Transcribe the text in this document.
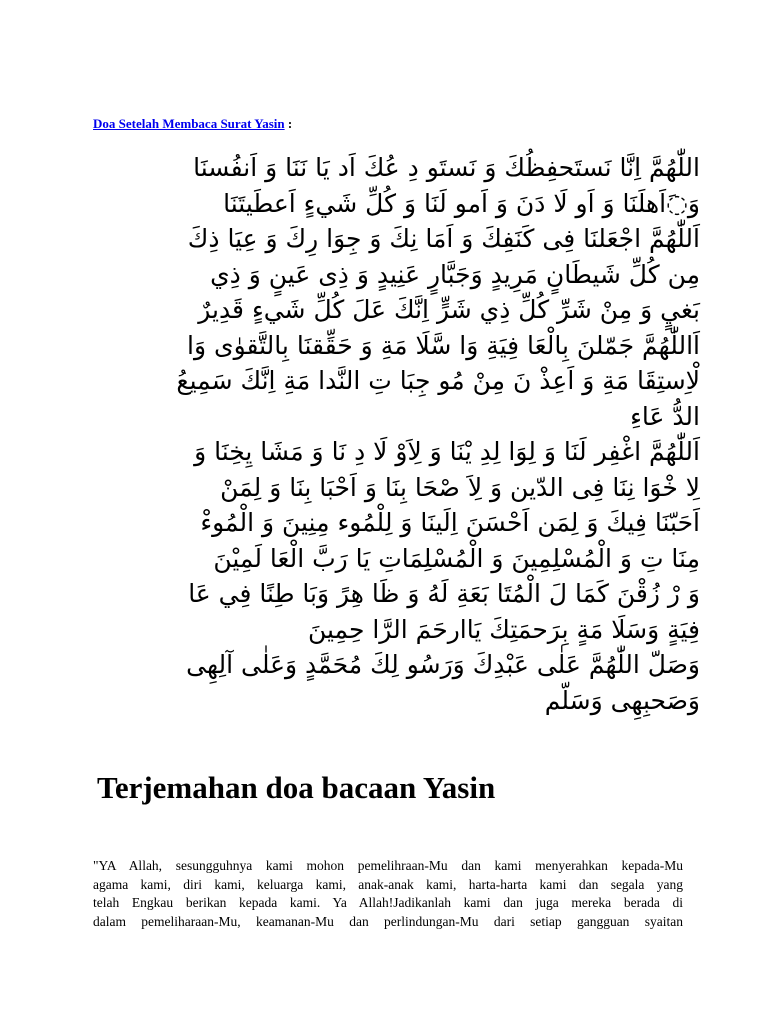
Doa Setelah Membaca Surat Yasin :
اللّٰهُمَّ اِنَّا نَستَحفِظُكَ وَ نَستَو دِ عُكَ اَد يَا نَنَا وَ اَنفُسنَا
وَ◌َاَهلَنَا وَ اَو لَا دَنَ وَ اَمو لَنَا وَ كُلِّ شَيءٍ اَعطَيتَنَا
اَللّٰهُمَّ اجْعَلنَا فِى كَنَفِكَ وَ اَمَا نِكَ وَ جِوَا رِكَ وَ عِيَا ذِكَ
مِن كُلِّ شَيطَانٍ مَرِيدٍ وَجَبَّارٍ عَنِيدٍ وَ ذِى عَينٍ وَ ذِي
بَغيٍ وَ مِنْ شَرِّ كُلِّ ذِي شَرٍّ اِنَّكَ عَلَ كُلِّ شَيءٍ قَدِيرٌ
اَاللّٰهُمَّ جَمّلنَ بِالْعَا فِيَةِ وَا سَّلَا مَةِ وَ حَقِّقنَا بِالتَّقوٰى وَا
لْاِستِقَا مَةِ وَ اَعِذْ نَ مِنْ مُو جِبَا تِ النَّدا مَةِ اِنَّكَ سَمِيعُ
الدُّ عَاءِ
اَللّٰهُمَّ اغْفِر لَنَا وَ لِوَا لِدِ يْنَا وَ لِاَوْ لَا دِ نَا وَ مَشَا يِخِنَا وَ
لِا خْوَا نِنَا فِى الدّين وَ لِاَ صْحَا بِنَا وَ اَحْبَا بِنَا وَ لِمَنْ
اَحَبّنَا فِيكَ وَ لِمَن اَحْسَنَ اِلَينَا وَ لِلْمُوء مِنِينَ وَ الْمُوءْ
مِنَا تِ وَ الْمُسْلِمِينَ وَ الْمُسْلِمَاتِ يَا رَبَّ الْعَا لَمِيْنَ
وَ رْ زُقْنَ كَمَا لَ الْمُتَا بَعَةِ لَهُ وَ ظَا هِرً وَبَا طِنًا فِي عَا
فِيَةٍ وَسَلَا مَةٍ بِرَحمَتِكَ يَاارحَمَ الرَّا حِمِينَ
وَصَلّ اللّٰهُمَّ عَلٰى عَبْدِكَ وَرَسُو لِكَ مُحَمَّدٍ وَعَلٰى آلِهِى
وَصَحبِهِى وَسَلّم
Terjemahan doa bacaan Yasin
"YA Allah, sesungguhnya kami mohon pemelihraan-Mu dan kami menyerahkan kepada-Mu
agama kami, diri kami, keluarga kami, anak-anak kami, harta-harta kami dan segala yang
telah Engkau berikan kepada kami. Ya Allah!Jadikanlah kami dan juga mereka berada di
dalam pemeliharaan-Mu, keamanan-Mu dan perlindungan-Mu dari setiap gangguan syaitan
